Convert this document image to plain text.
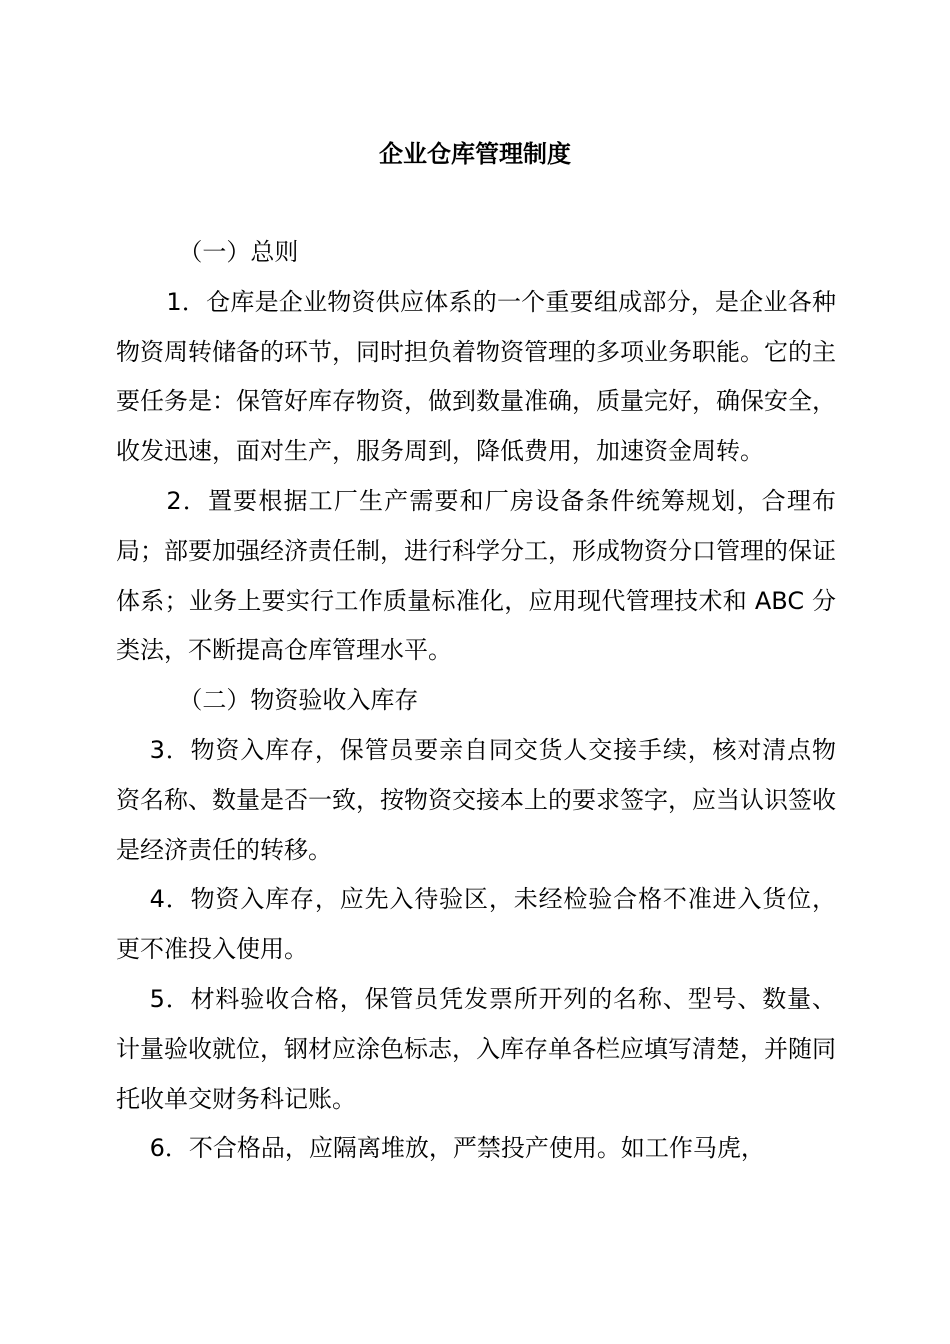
企业仓库管理制度

（一）总则

1．仓库是企业物资供应体系的一个重要组成部分，是企业各种物资周转储备的环节，同时担负着物资管理的多项业务职能。它的主要任务是：保管好库存物资，做到数量准确，质量完好，确保安全，收发迅速，面对生产，服务周到，降低费用，加速资金周转。

2．置要根据工厂生产需要和厂房设备条件统筹规划，合理布局；部要加强经济责任制，进行科学分工，形成物资分口管理的保证体系；业务上要实行工作质量标准化，应用现代管理技术和 ABC 分类法，不断提高仓库管理水平。

（二）物资验收入库存

3．物资入库存，保管员要亲自同交货人交接手续，核对清点物资名称、数量是否一致，按物资交接本上的要求签字，应当认识签收是经济责任的转移。

4．物资入库存，应先入待验区，未经检验合格不准进入货位，更不准投入使用。

5．材料验收合格，保管员凭发票所开列的名称、型号、数量、计量验收就位，钢材应涂色标志，入库存单各栏应填写清楚，并随同托收单交财务科记账。

6．不合格品，应隔离堆放，严禁投产使用。如工作马虎，
